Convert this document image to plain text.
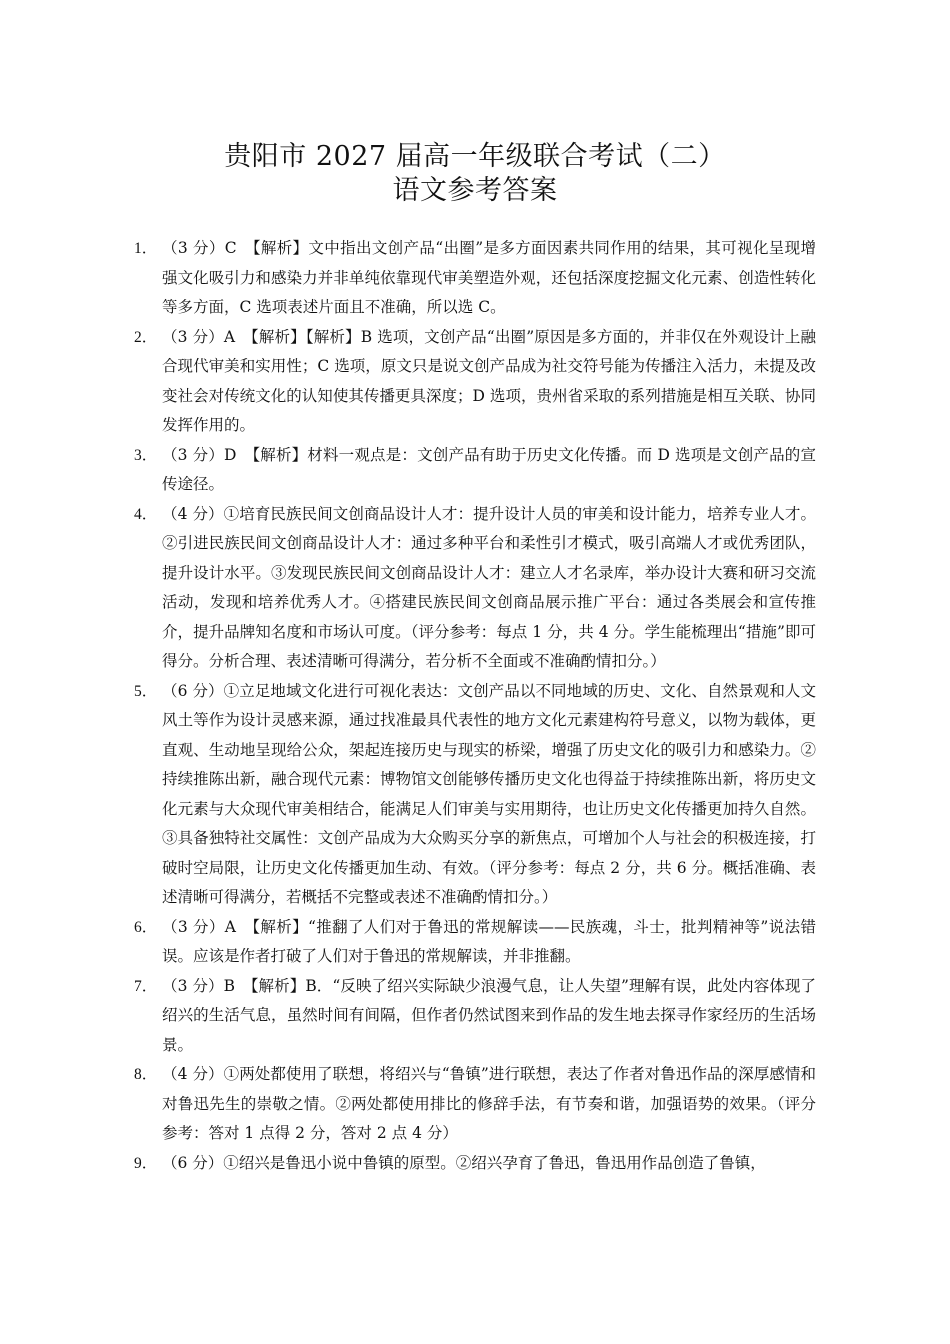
贵阳市 2027 届高一年级联合考试（二）
语文参考答案
1． （3 分）C　【解析】文中指出文创产品“出圈”是多方面因素共同作用的结果，其可视化呈现增强文化吸引力和感染力并非单纯依靠现代审美塑造外观，还包括深度挖掘文化元素、创造性转化等多方面，C 选项表述片面且不准确，所以选 C。
2． （3 分）A　【解析】【解析】B 选项，文创产品“出圈”原因是多方面的，并非仅在外观设计上融合现代审美和实用性；C 选项，原文只是说文创产品成为社交符号能为传播注入活力，未提及改变社会对传统文化的认知使其传播更具深度；D 选项，贵州省采取的系列措施是相互关联、协同发挥作用的。
3． （3 分）D　【解析】材料一观点是：文创产品有助于历史文化传播。而 D 选项是文创产品的宣传途径。
4． （4 分）①培育民族民间文创商品设计人才：提升设计人员的审美和设计能力，培养专业人才。②引进民族民间文创商品设计人才：通过多种平台和柔性引才模式，吸引高端人才或优秀团队，提升设计水平。③发现民族民间文创商品设计人才：建立人才名录库，举办设计大赛和研习交流活动，发现和培养优秀人才。④搭建民族民间文创商品展示推广平台：通过各类展会和宣传推介，提升品牌知名度和市场认可度。（评分参考：每点 1 分，共 4 分。学生能梳理出“措施”即可得分。分析合理、表述清晰可得满分，若分析不全面或不准确酌情扣分。）
5． （6 分）①立足地域文化进行可视化表达：文创产品以不同地域的历史、文化、自然景观和人文风土等作为设计灵感来源，通过找准最具代表性的地方文化元素建构符号意义，以物为载体，更直观、生动地呈现给公众，架起连接历史与现实的桥梁，增强了历史文化的吸引力和感染力。②持续推陈出新，融合现代元素：博物馆文创能够传播历史文化也得益于持续推陈出新，将历史文化元素与大众现代审美相结合，能满足人们审美与实用期待，也让历史文化传播更加持久自然。③具备独特社交属性：文创产品成为大众购买分享的新焦点，可增加个人与社会的积极连接，打破时空局限，让历史文化传播更加生动、有效。（评分参考：每点 2 分，共 6 分。概括准确、表述清晰可得满分，若概括不完整或表述不准确酌情扣分。）
6． （3 分）A　【解析】“推翻了人们对于鲁迅的常规解读——民族魂，斗士，批判精神等”说法错误。应该是作者打破了人们对于鲁迅的常规解读，并非推翻。
7． （3 分）B　【解析】B．“反映了绍兴实际缺少浪漫气息，让人失望”理解有误，此处内容体现了绍兴的生活气息，虽然时间有间隔，但作者仍然试图来到作品的发生地去探寻作家经历的生活场景。
8． （4 分）①两处都使用了联想，将绍兴与“鲁镇”进行联想，表达了作者对鲁迅作品的深厚感情和对鲁迅先生的崇敬之情。②两处都使用排比的修辞手法，有节奏和谐，加强语势的效果。（评分参考：答对 1 点得 2 分，答对 2 点 4 分）
9． （6 分）①绍兴是鲁迅小说中鲁镇的原型。②绍兴孕育了鲁迅，鲁迅用作品创造了鲁镇，
